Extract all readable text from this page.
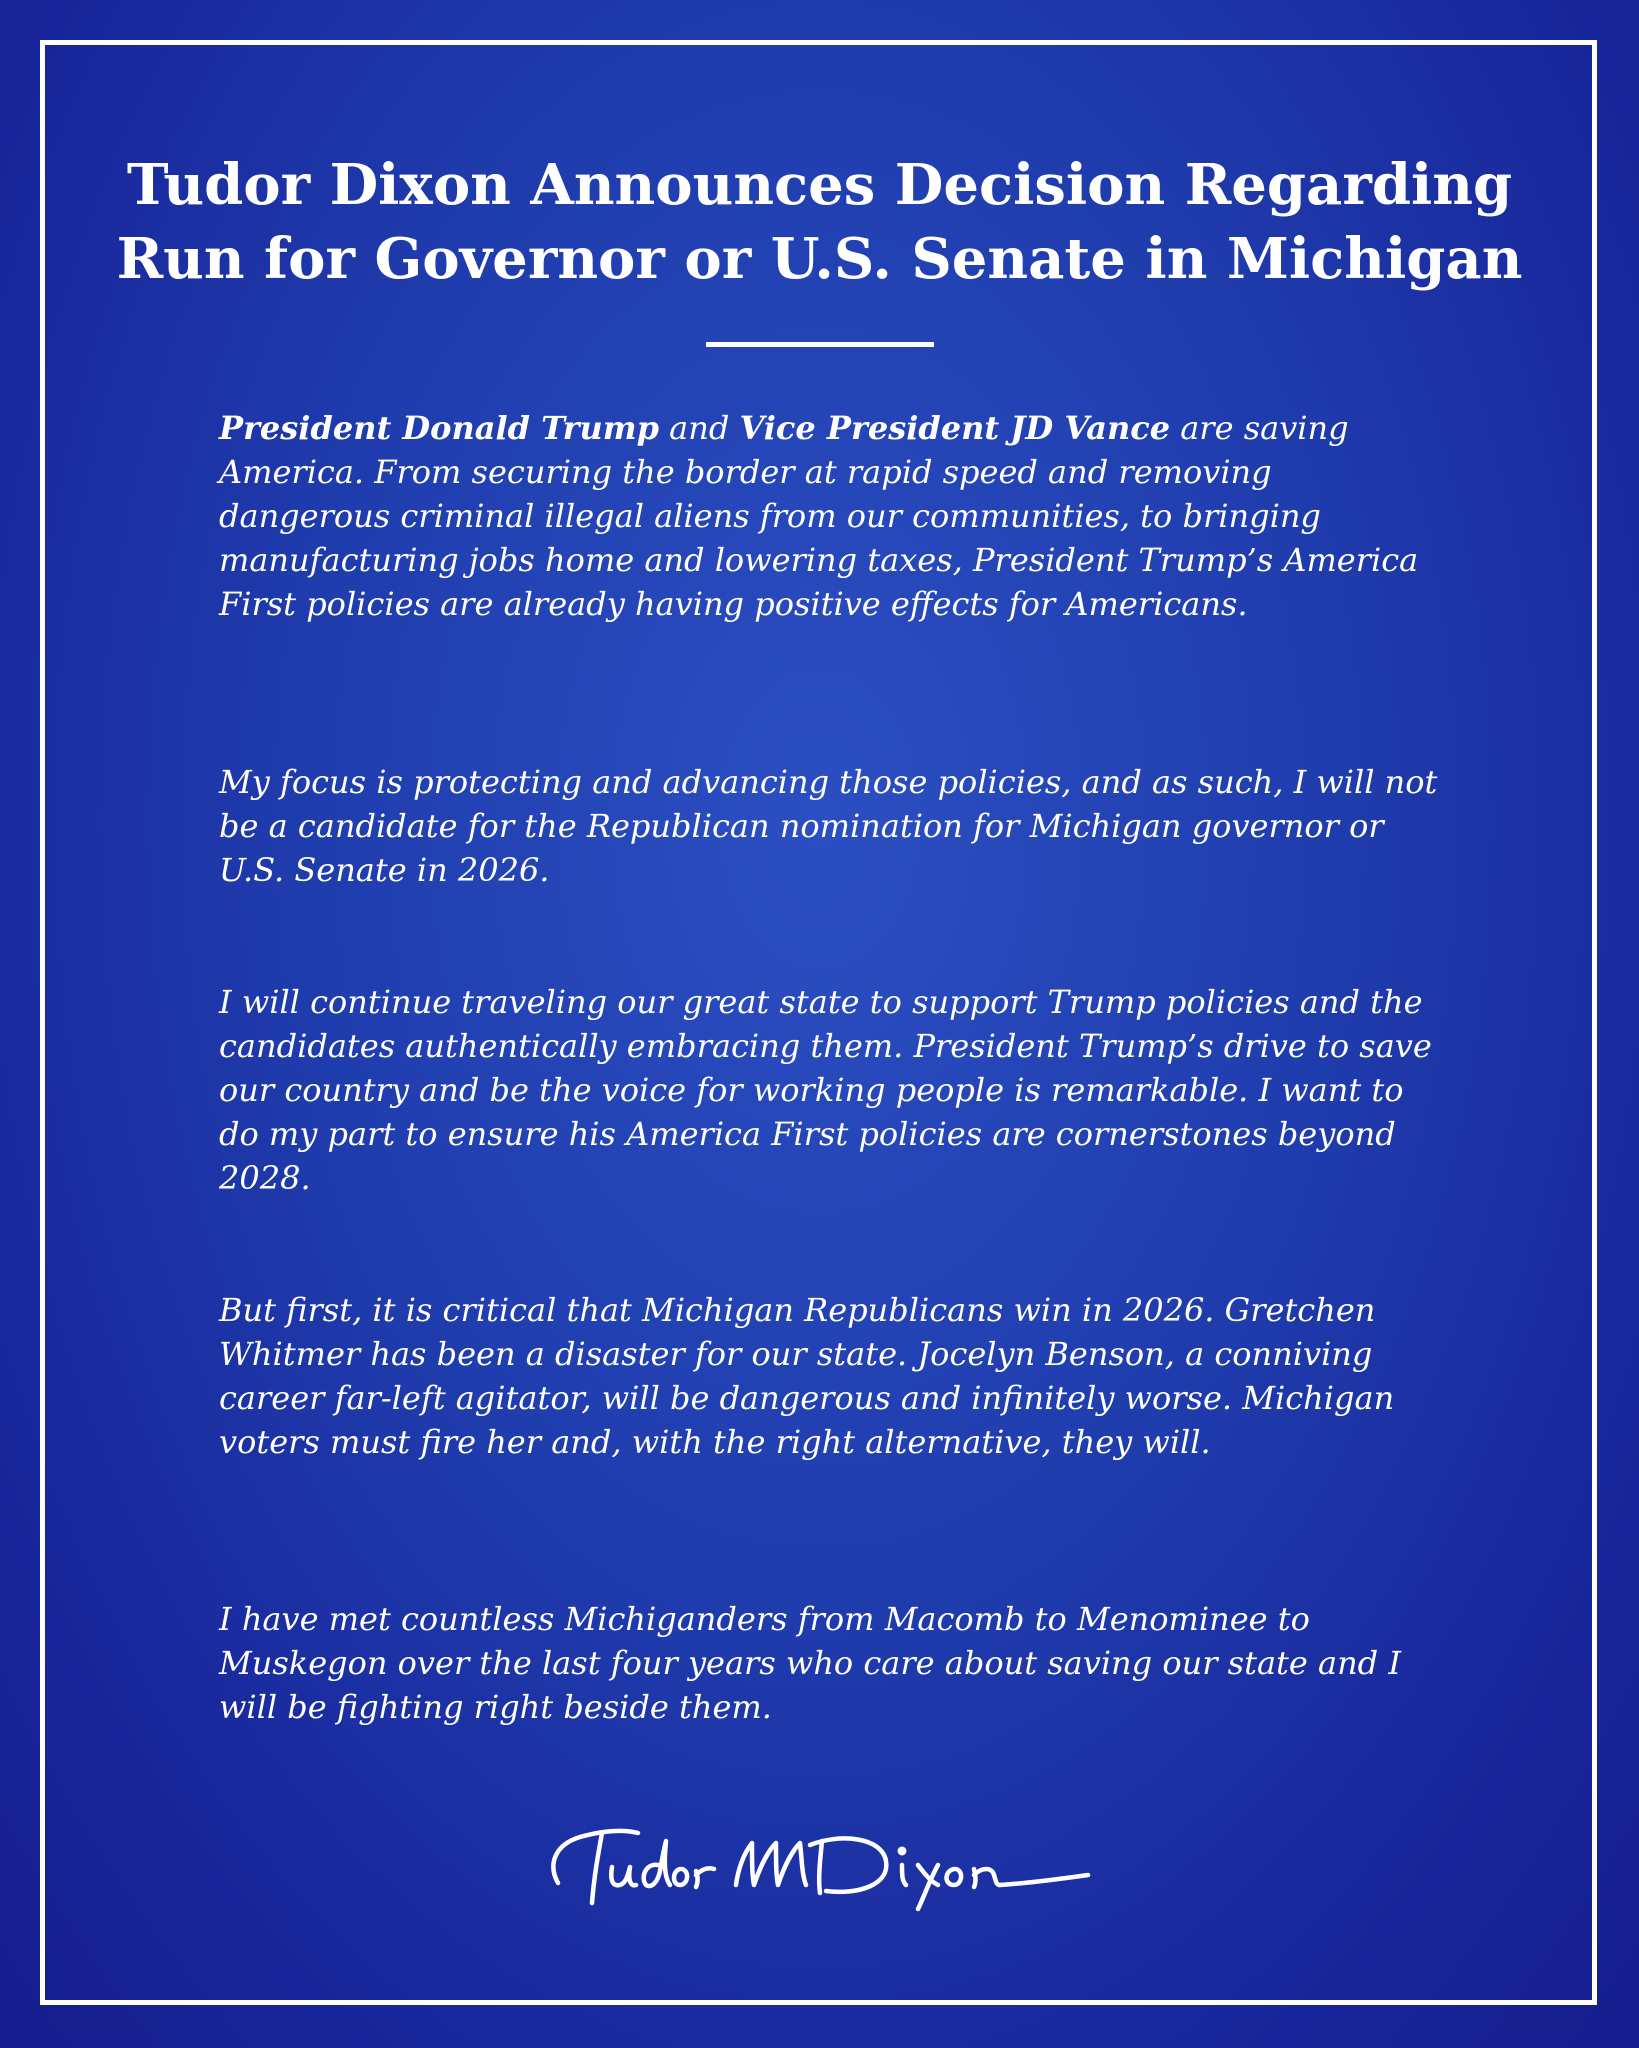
Tudor Dixon Announces Decision Regarding
Run for Governor or U.S. Senate in Michigan

President Donald Trump and Vice President JD Vance are saving America. From securing the border at rapid speed and removing dangerous criminal illegal aliens from our communities, to bringing manufacturing jobs home and lowering taxes, President Trump’s America First policies are already having positive effects for Americans.

My focus is protecting and advancing those policies, and as such, I will not be a candidate for the Republican nomination for Michigan governor or U.S. Senate in 2026.

I will continue traveling our great state to support Trump policies and the candidates authentically embracing them. President Trump’s drive to save our country and be the voice for working people is remarkable. I want to do my part to ensure his America First policies are cornerstones beyond 2028.

But first, it is critical that Michigan Republicans win in 2026. Gretchen Whitmer has been a disaster for our state. Jocelyn Benson, a conniving career far-left agitator, will be dangerous and infinitely worse. Michigan voters must fire her and, with the right alternative, they will.

I have met countless Michiganders from Macomb to Menominee to Muskegon over the last four years who care about saving our state and I will be fighting right beside them.
